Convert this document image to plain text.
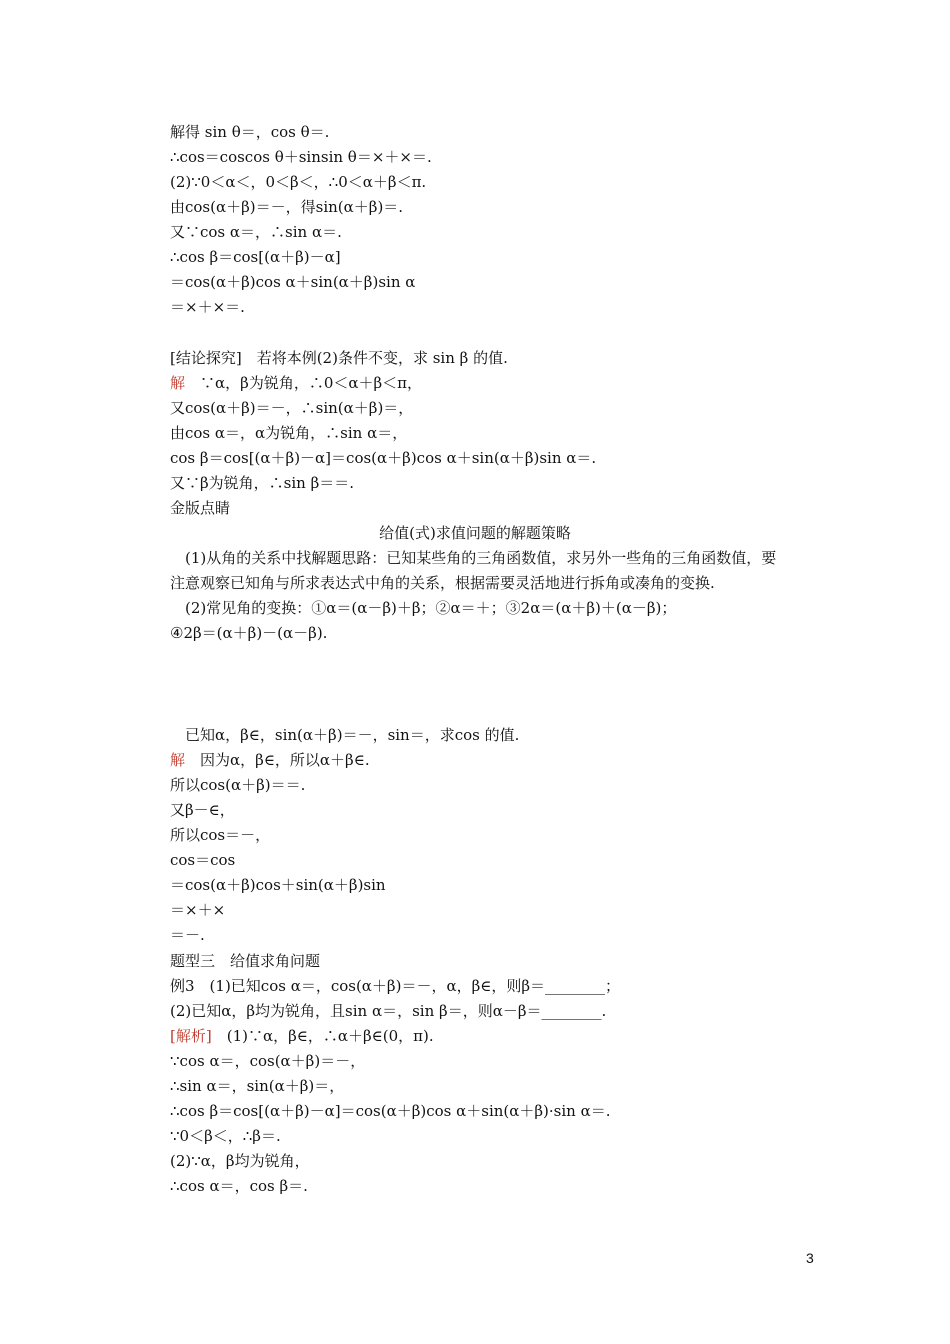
解得 sin θ＝，cos θ＝.
∴cos＝coscos θ＋sinsin θ＝×＋×＝.
(2)∵0＜α＜，0＜β＜，∴0＜α＋β＜π.
由cos(α＋β)＝－，得sin(α＋β)＝.
又∵cos α＝，∴sin α＝.
∴cos β＝cos[(α＋β)－α]
＝cos(α＋β)cos α＋sin(α＋β)sin α
＝×＋×＝.
[结论探究]　若将本例(2)条件不变，求 sin β 的值.
解　∵α，β为锐角，∴0＜α＋β＜π，
又cos(α＋β)＝－，∴sin(α＋β)＝，
由cos α＝，α为锐角，∴sin α＝，
cos β＝cos[(α＋β)－α]＝cos(α＋β)cos α＋sin(α＋β)sin α＝.
又∵β为锐角，∴sin β＝＝.
金版点睛
给值(式)求值问题的解题策略
　(1)从角的关系中找解题思路：已知某些角的三角函数值，求另外一些角的三角函数值，要
注意观察已知角与所求表达式中角的关系，根据需要灵活地进行拆角或凑角的变换.
　(2)常见角的变换：①α＝(α－β)＋β；②α＝＋；③2α＝(α＋β)＋(α－β)；
④2β＝(α＋β)－(α－β).
　已知α，β∈，sin(α＋β)＝－，sin＝，求cos 的值.
解　因为α，β∈，所以α＋β∈.
所以cos(α＋β)＝＝.
又β－∈，
所以cos＝－，
cos＝cos
＝cos(α＋β)cos＋sin(α＋β)sin
＝×＋×
＝－.
题型三　给值求角问题
例3　(1)已知cos α＝，cos(α＋β)＝－，α，β∈，则β＝________；
(2)已知α，β均为锐角，且sin α＝，sin β＝，则α－β＝________.
[解析]　(1)∵α，β∈，∴α＋β∈(0，π).
∵cos α＝，cos(α＋β)＝－，
∴sin α＝，sin(α＋β)＝，
∴cos β＝cos[(α＋β)－α]＝cos(α＋β)cos α＋sin(α＋β)·sin α＝.
∵0＜β＜，∴β＝.
(2)∵α，β均为锐角，
∴cos α＝，cos β＝.
3
